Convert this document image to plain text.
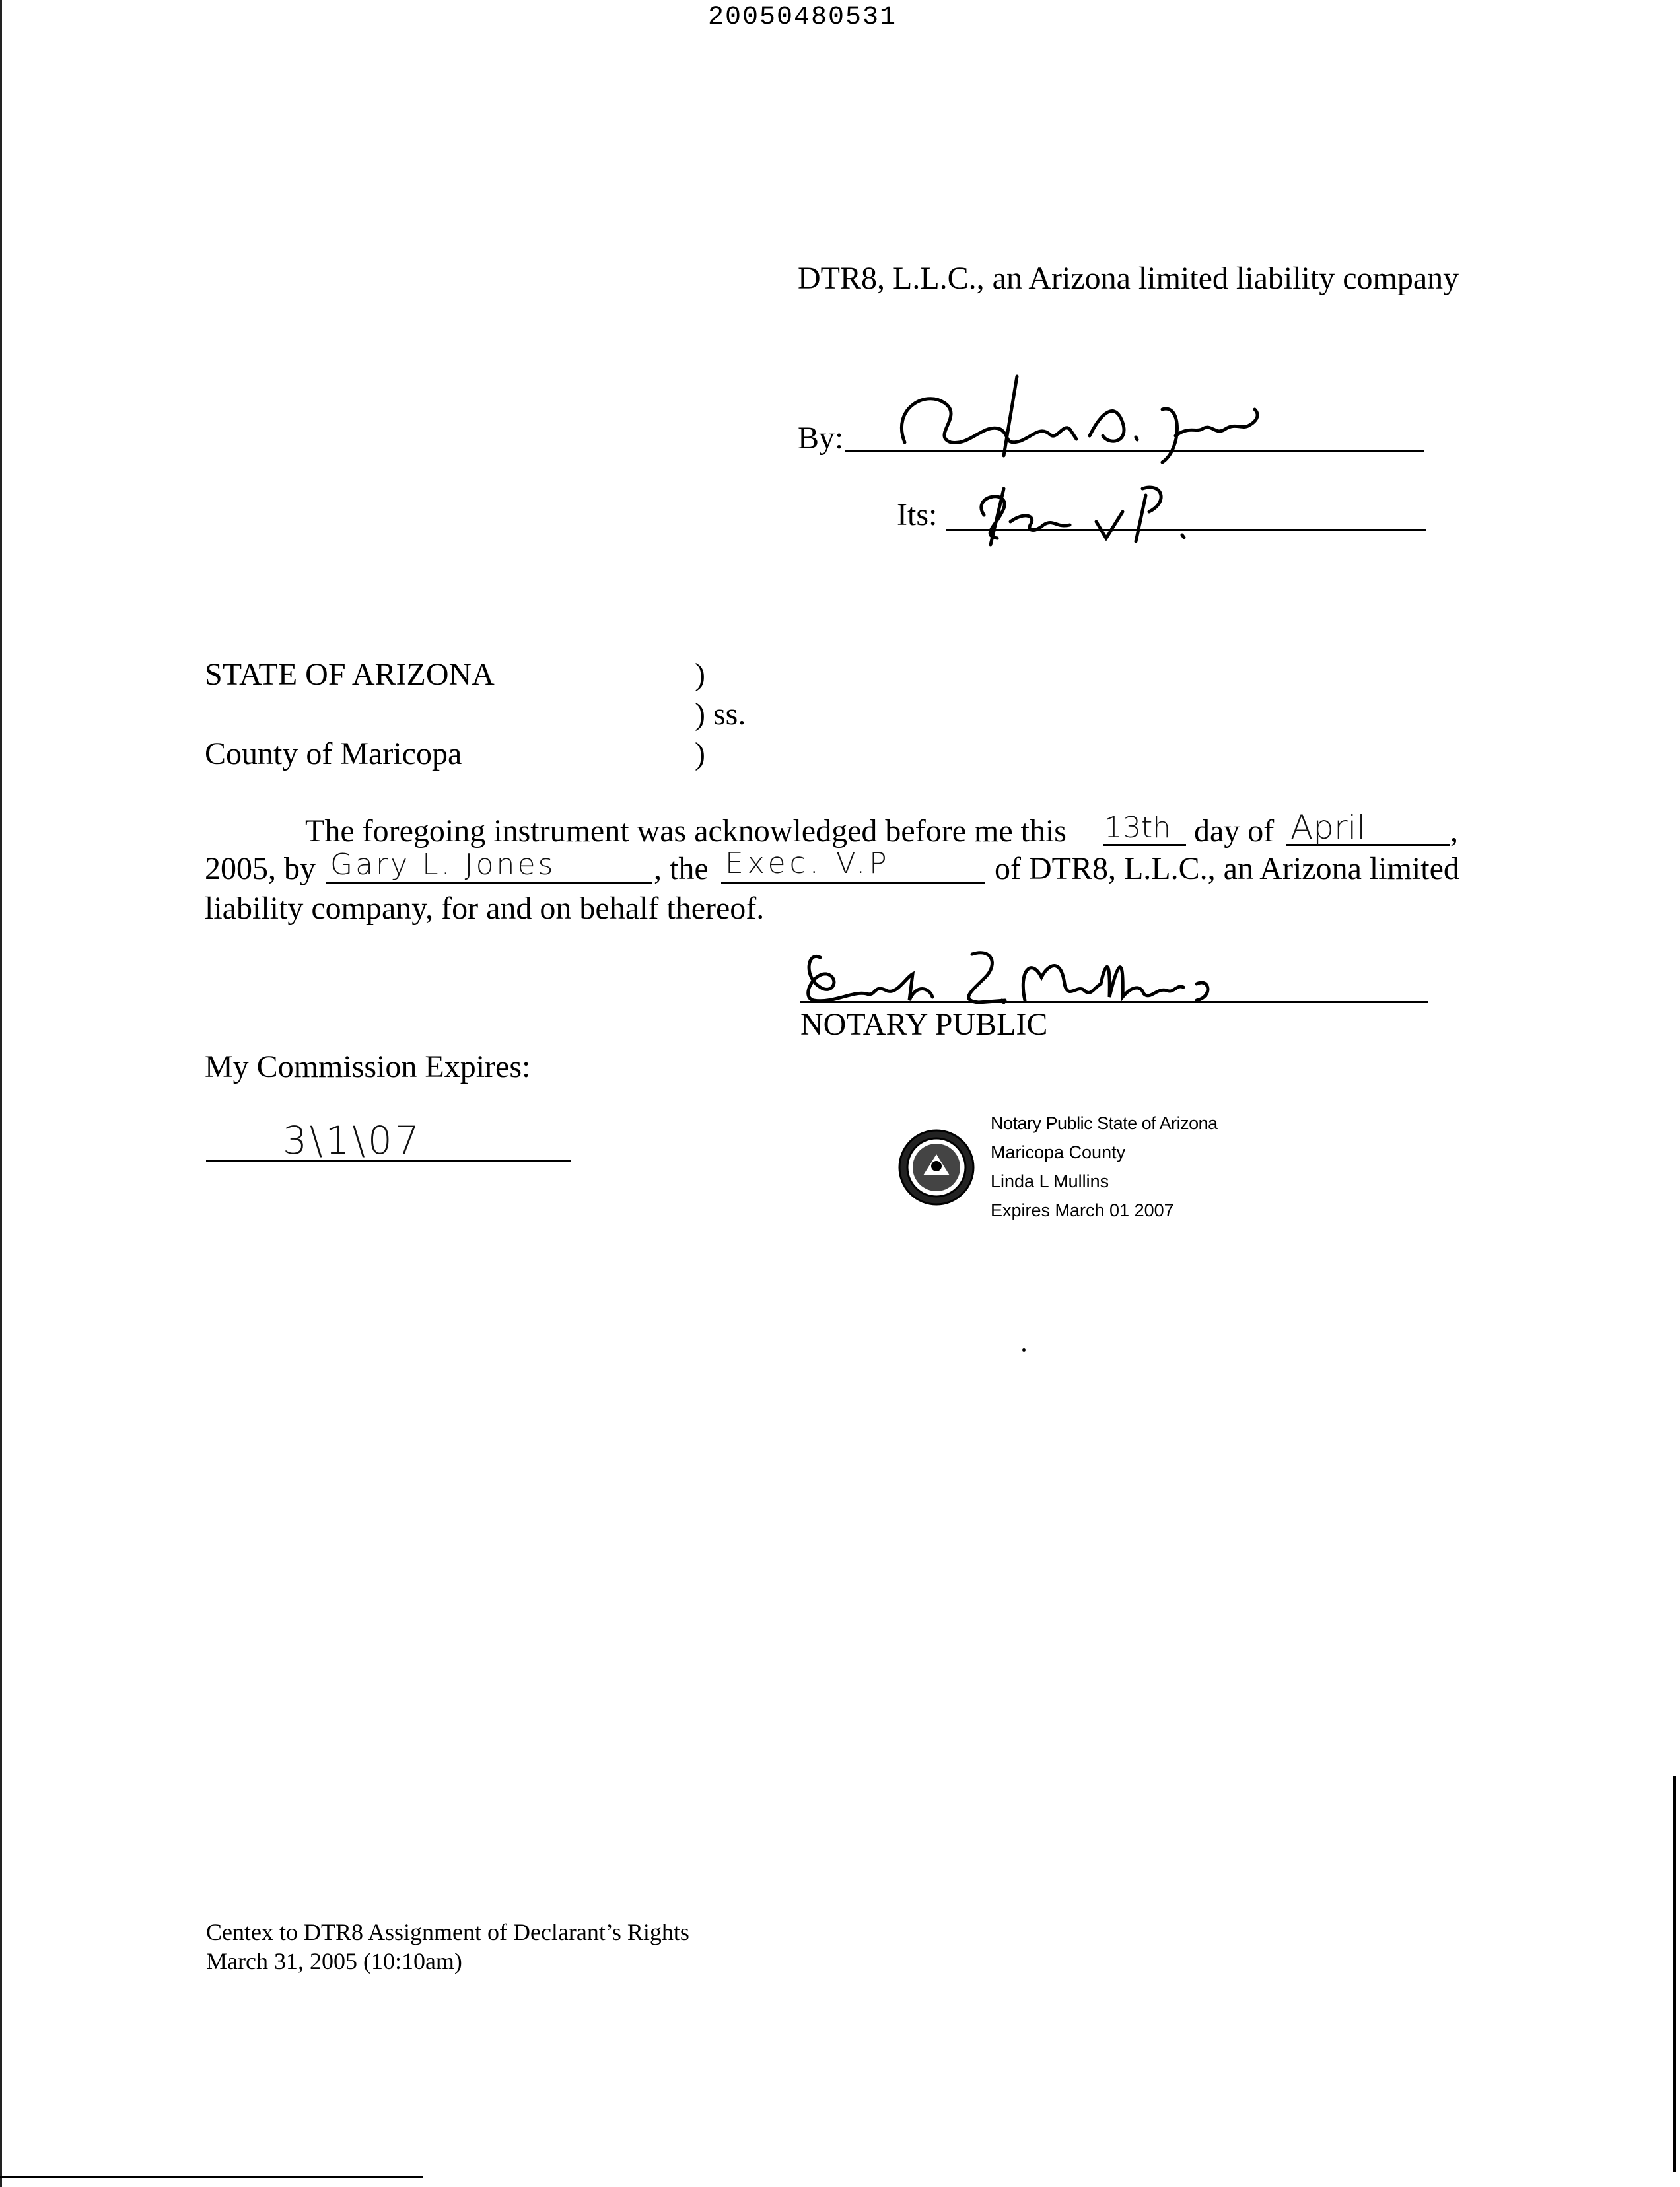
20050480531
DTR8, L.L.C., an Arizona limited liability company
By:
Its:
STATE OF ARIZONA	)
) ss.
County of Maricopa	)
The foregoing instrument was acknowledged before me this 13th day of April	,
2005, by Gary L. Jones	, the Exec. V.P	of DTR8, L.L.C., an Arizona limited
liability company, for and on behalf thereof.
NOTARY PUBLIC
My Commission Expires:
3\1\07	Notary Public State of Arizona
Maricopa County
Linda L Mullins
Expires March 01 2007
Centex to DTR8 Assignment of Declarant’s Rights
March 31, 2005 (10:10am)
